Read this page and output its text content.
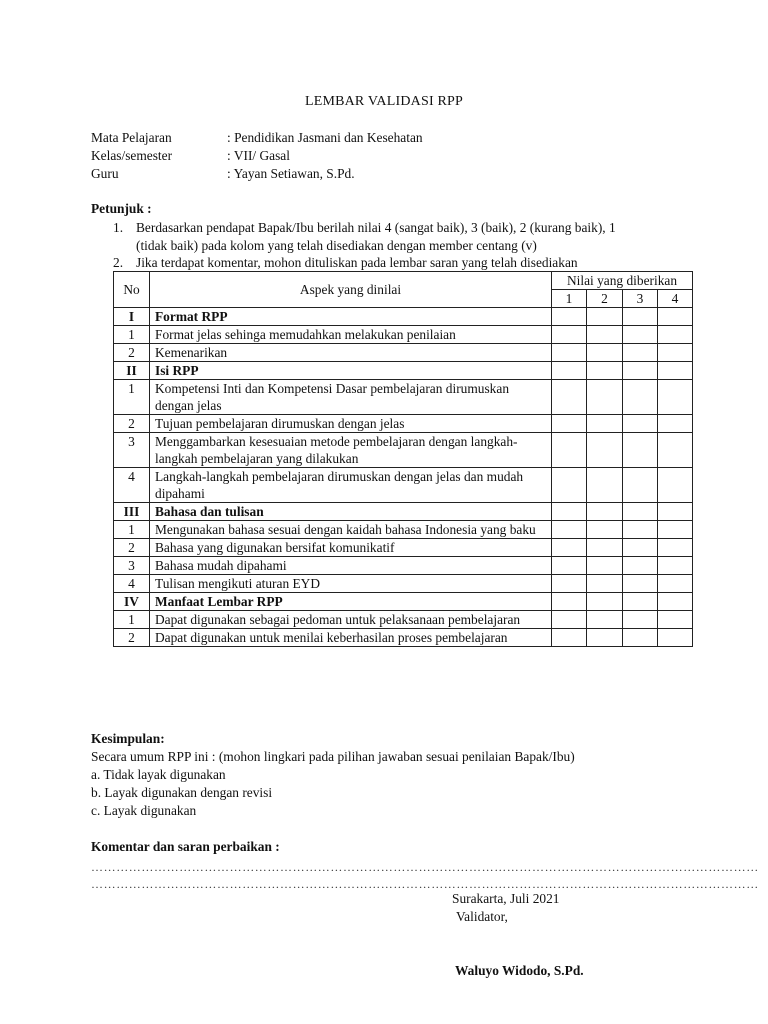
LEMBAR VALIDASI RPP
Mata Pelajaran	: Pendidikan Jasmani dan Kesehatan
Kelas/semester	: VII/ Gasal
Guru	: Yayan Setiawan, S.Pd.
Petunjuk :
1. Berdasarkan pendapat Bapak/Ibu berilah nilai 4 (sangat baik), 3 (baik), 2 (kurang baik), 1
(tidak baik) pada kolom yang telah disediakan dengan member centang (v)
2. Jika terdapat komentar, mohon dituliskan pada lembar saran yang telah disediakan
No	Aspek yang dinilai	Nilai yang diberikan			
		1	2	3	4
I	Format RPP				
1	Format jelas sehinga memudahkan melakukan penilaian				
2	Kemenarikan				
II	Isi RPP				
1	Kompetensi Inti dan Kompetensi Dasar pembelajaran dirumuskan dengan jelas				
2	Tujuan pembelajaran dirumuskan dengan jelas				
3	Menggambarkan kesesuaian metode pembelajaran dengan langkah-langkah pembelajaran yang dilakukan				
4	Langkah-langkah pembelajaran dirumuskan dengan jelas dan mudah dipahami				
III	Bahasa dan tulisan				
1	Mengunakan bahasa sesuai dengan kaidah bahasa Indonesia yang baku				
2	Bahasa yang digunakan bersifat komunikatif				
3	Bahasa mudah dipahami				
4	Tulisan mengikuti aturan EYD				
IV	Manfaat Lembar RPP				
1	Dapat digunakan sebagai pedoman untuk pelaksanaan pembelajaran				
2	Dapat digunakan untuk menilai keberhasilan proses pembelajaran				
Kesimpulan:
Secara umum RPP ini : (mohon lingkari pada pilihan jawaban sesuai penilaian Bapak/Ibu)
a. Tidak layak digunakan
b. Layak digunakan dengan revisi
c. Layak digunakan
Komentar dan saran perbaikan :
……………………………………………………………………………………………………………………………………………
……………………………………………………………………………………………………………………………………………
Surakarta, Juli 2021
Validator,
Waluyo Widodo, S.Pd.
